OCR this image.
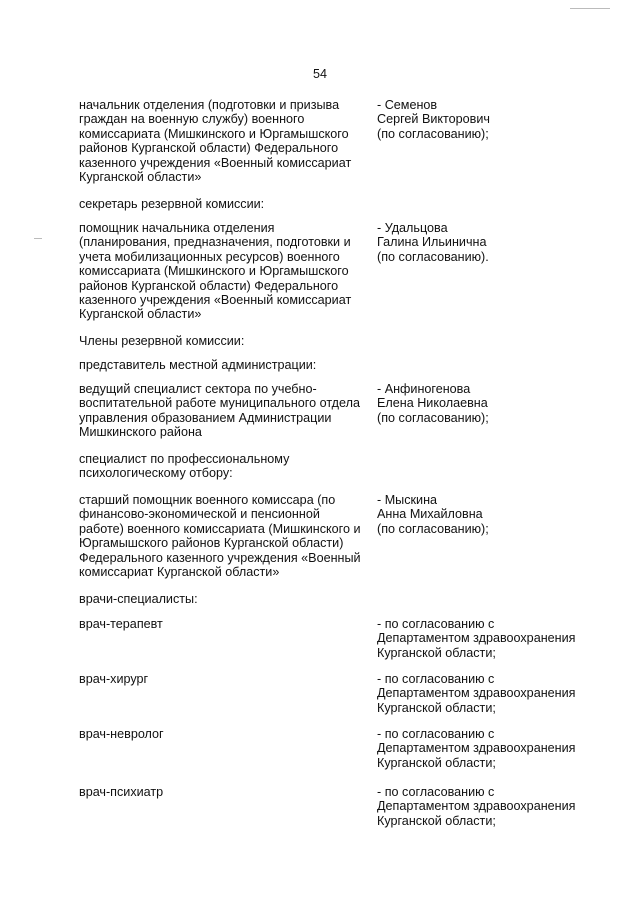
54
начальник отделения (подготовки и призыва
граждан на военную службу) военного
комиссариата (Мишкинского и Юргамышского
районов Курганской области) Федерального
казенного учреждения «Военный комиссариат
Курганской области»
- Семенов
Сергей Викторович
(по согласованию);
секретарь резервной комиссии:
помощник начальника отделения
(планирования, предназначения, подготовки и
учета мобилизационных ресурсов) военного
комиссариата (Мишкинского и Юргамышского
районов Курганской области) Федерального
казенного учреждения «Военный комиссариат
Курганской области»
- Удальцова
Галина Ильинична
(по согласованию).
Члены резервной комиссии:
представитель местной администрации:
ведущий специалист сектора по учебно-
воспитательной работе муниципального отдела
управления образованием Администрации
Мишкинского района
- Анфиногенова
Елена Николаевна
(по согласованию);
специалист по профессиональному
психологическому отбору:
старший помощник военного комиссара (по
финансово-экономической и пенсионной
работе) военного комиссариата (Мишкинского и
Юргамышского районов Курганской области)
Федерального казенного учреждения «Военный
комиссариат Курганской области»
- Мыскина
Анна Михайловна
(по согласованию);
врачи-специалисты:
врач-терапевт	- по согласованию с
Департаментом здравоохранения
Курганской области;
врач-хирург	- по согласованию с
Департаментом здравоохранения
Курганской области;
врач-невролог	- по согласованию с
Департаментом здравоохранения
Курганской области;
врач-психиатр	- по согласованию с
Департаментом здравоохранения
Курганской области;
